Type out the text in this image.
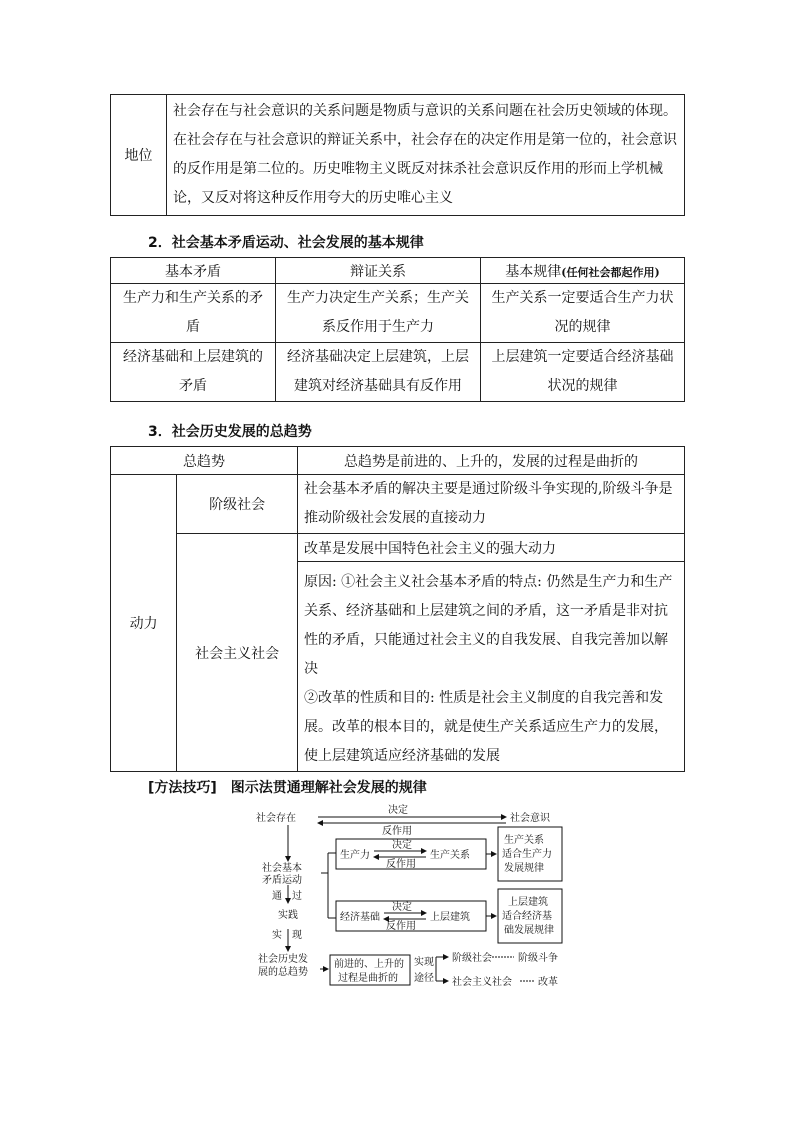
地位	社会存在与社会意识的关系问题是物质与意识的关系问题在社会历史领域的体现。在社会存在与社会意识的辩证关系中，社会存在的决定作用是第一位的，社会意识的反作用是第二位的。历史唯物主义既反对抹杀社会意识反作用的形而上学机械论，又反对将这种反作用夸大的历史唯心主义
2．社会基本矛盾运动、社会发展的基本规律
基本矛盾	辩证关系	基本规律(任何社会都起作用)
生产力和生产关系的矛盾	生产力决定生产关系；生产关系反作用于生产力	生产关系一定要适合生产力状况的规律
经济基础和上层建筑的矛盾	经济基础决定上层建筑，上层建筑对经济基础具有反作用	上层建筑一定要适合经济基础状况的规律
3．社会历史发展的总趋势
总趋势		总趋势是前进的、上升的，发展的过程是曲折的
动力	阶级社会	社会基本矛盾的解决主要是通过阶级斗争实现的,阶级斗争是推动阶级社会发展的直接动力
	社会主义社会	改革是发展中国特色社会主义的强大动力

		原因: ①社会主义社会基本矛盾的特点: 仍然是生产力和生产关系、经济基础和上层建筑之间的矛盾，这一矛盾是非对抗性的矛盾，只能通过社会主义的自我发展、自我完善加以解决
②改革的性质和目的: 性质是社会主义制度的自我完善和发展。改革的根本目的，就是使生产关系适应生产力的发展，使上层建筑适应经济基础的发展
[方法技巧]　图示法贯通理解社会发展的规律
社会存在	社会意识
决定
反作用
社会基本
矛盾运动
生产力	生产关系
决定
反作用
生产关系
适合生产力
发展规律
经济基础	上层建筑
决定
反作用
上层建筑
适合经济基
础发展规律
通　过
实践
实　现
社会历史发
展的总趋势
前进的、上升的
过程是曲折的
实现
途径
阶级社会	阶级斗争
社会主义社会	改革
